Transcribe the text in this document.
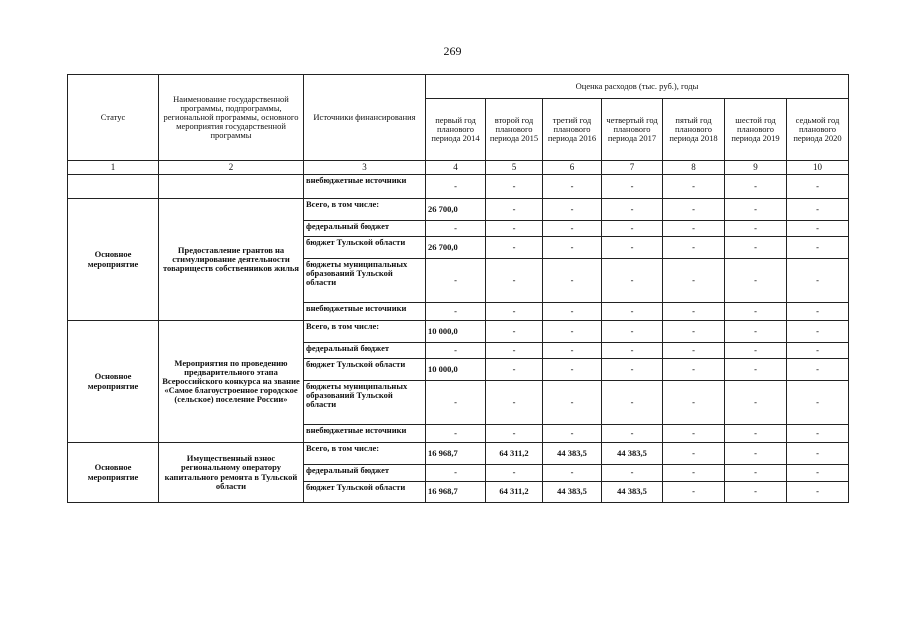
269
Статус	Наименование государственной программы, подпрограммы, региональной программы, основного мероприятия государственной программы	Источники финансирования	Оценка расходов (тыс. руб.), годы						
			первый год планового периода 2014	второй год планового периода 2015	третий год планового периода 2016	четвертый год планового периода 2017	пятый год планового периода 2018	шестой год планового периода 2019	седьмой год планового периода 2020
1	2	3	4	5	6	7	8	9	10
		внебюджетные источники	-	-	-	-	-	-	-
Основное мероприятие	Предоставление грантов на стимулирование деятельности товариществ собственников жилья	Всего, в том числе:	26 700,0	-	-	-	-	-	-
		федеральный бюджет	-	-	-	-	-	-	-
		бюджет Тульской области	26 700,0	-	-	-	-	-	-
		бюджеты муниципальных образований Тульской области	-	-	-	-	-	-	-
		внебюджетные источники	-	-	-	-	-	-	-
Основное мероприятие	Мероприятия по проведению предварительного этапа Всероссийского конкурса на звание «Самое благоустроенное городское (сельское) поселение России»	Всего, в том числе:	10 000,0	-	-	-	-	-	-
		федеральный бюджет	-	-	-	-	-	-	-
		бюджет Тульской области	10 000,0	-	-	-	-	-	-
		бюджеты муниципальных образований Тульской области	-	-	-	-	-	-	-
		внебюджетные источники	-	-	-	-	-	-	-
Основное мероприятие	Имущественный взнос региональному оператору капитального ремонта в Тульской области	Всего, в том числе:	16 968,7	64 311,2	44 383,5	44 383,5	-	-	-
		федеральный бюджет	-	-	-	-	-	-	-
		бюджет Тульской области	16 968,7	64 311,2	44 383,5	44 383,5	-	-	-
